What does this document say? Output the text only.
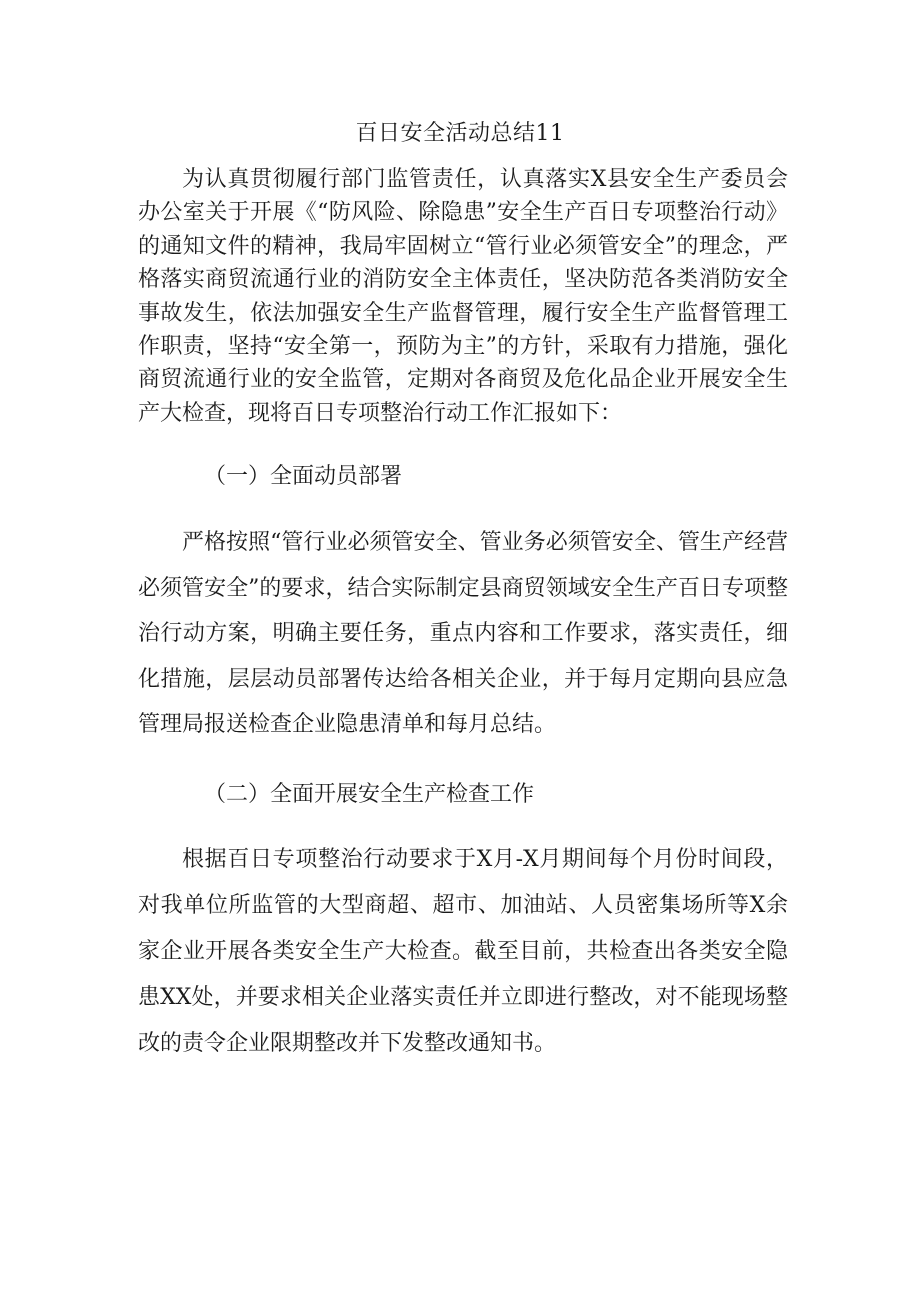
百日安全活动总结11

为认真贯彻履行部门监管责任，认真落实X县安全生产委员会办公室关于开展《“防风险、除隐患”安全生产百日专项整治行动》的通知文件的精神，我局牢固树立“管行业必须管安全”的理念，严格落实商贸流通行业的消防安全主体责任，坚决防范各类消防安全事故发生，依法加强安全生产监督管理，履行安全生产监督管理工作职责，坚持“安全第一，预防为主”的方针，采取有力措施，强化商贸流通行业的安全监管，定期对各商贸及危化品企业开展安全生产大检查，现将百日专项整治行动工作汇报如下：

（一）全面动员部署

严格按照“管行业必须管安全、管业务必须管安全、管生产经营必须管安全”的要求，结合实际制定县商贸领域安全生产百日专项整治行动方案，明确主要任务，重点内容和工作要求，落实责任，细化措施，层层动员部署传达给各相关企业，并于每月定期向县应急管理局报送检查企业隐患清单和每月总结。

（二）全面开展安全生产检查工作

根据百日专项整治行动要求于X月-X月期间每个月份时间段，对我单位所监管的大型商超、超市、加油站、人员密集场所等X余家企业开展各类安全生产大检查。截至目前，共检查出各类安全隐患XX处，并要求相关企业落实责任并立即进行整改，对不能现场整改的责令企业限期整改并下发整改通知书。
